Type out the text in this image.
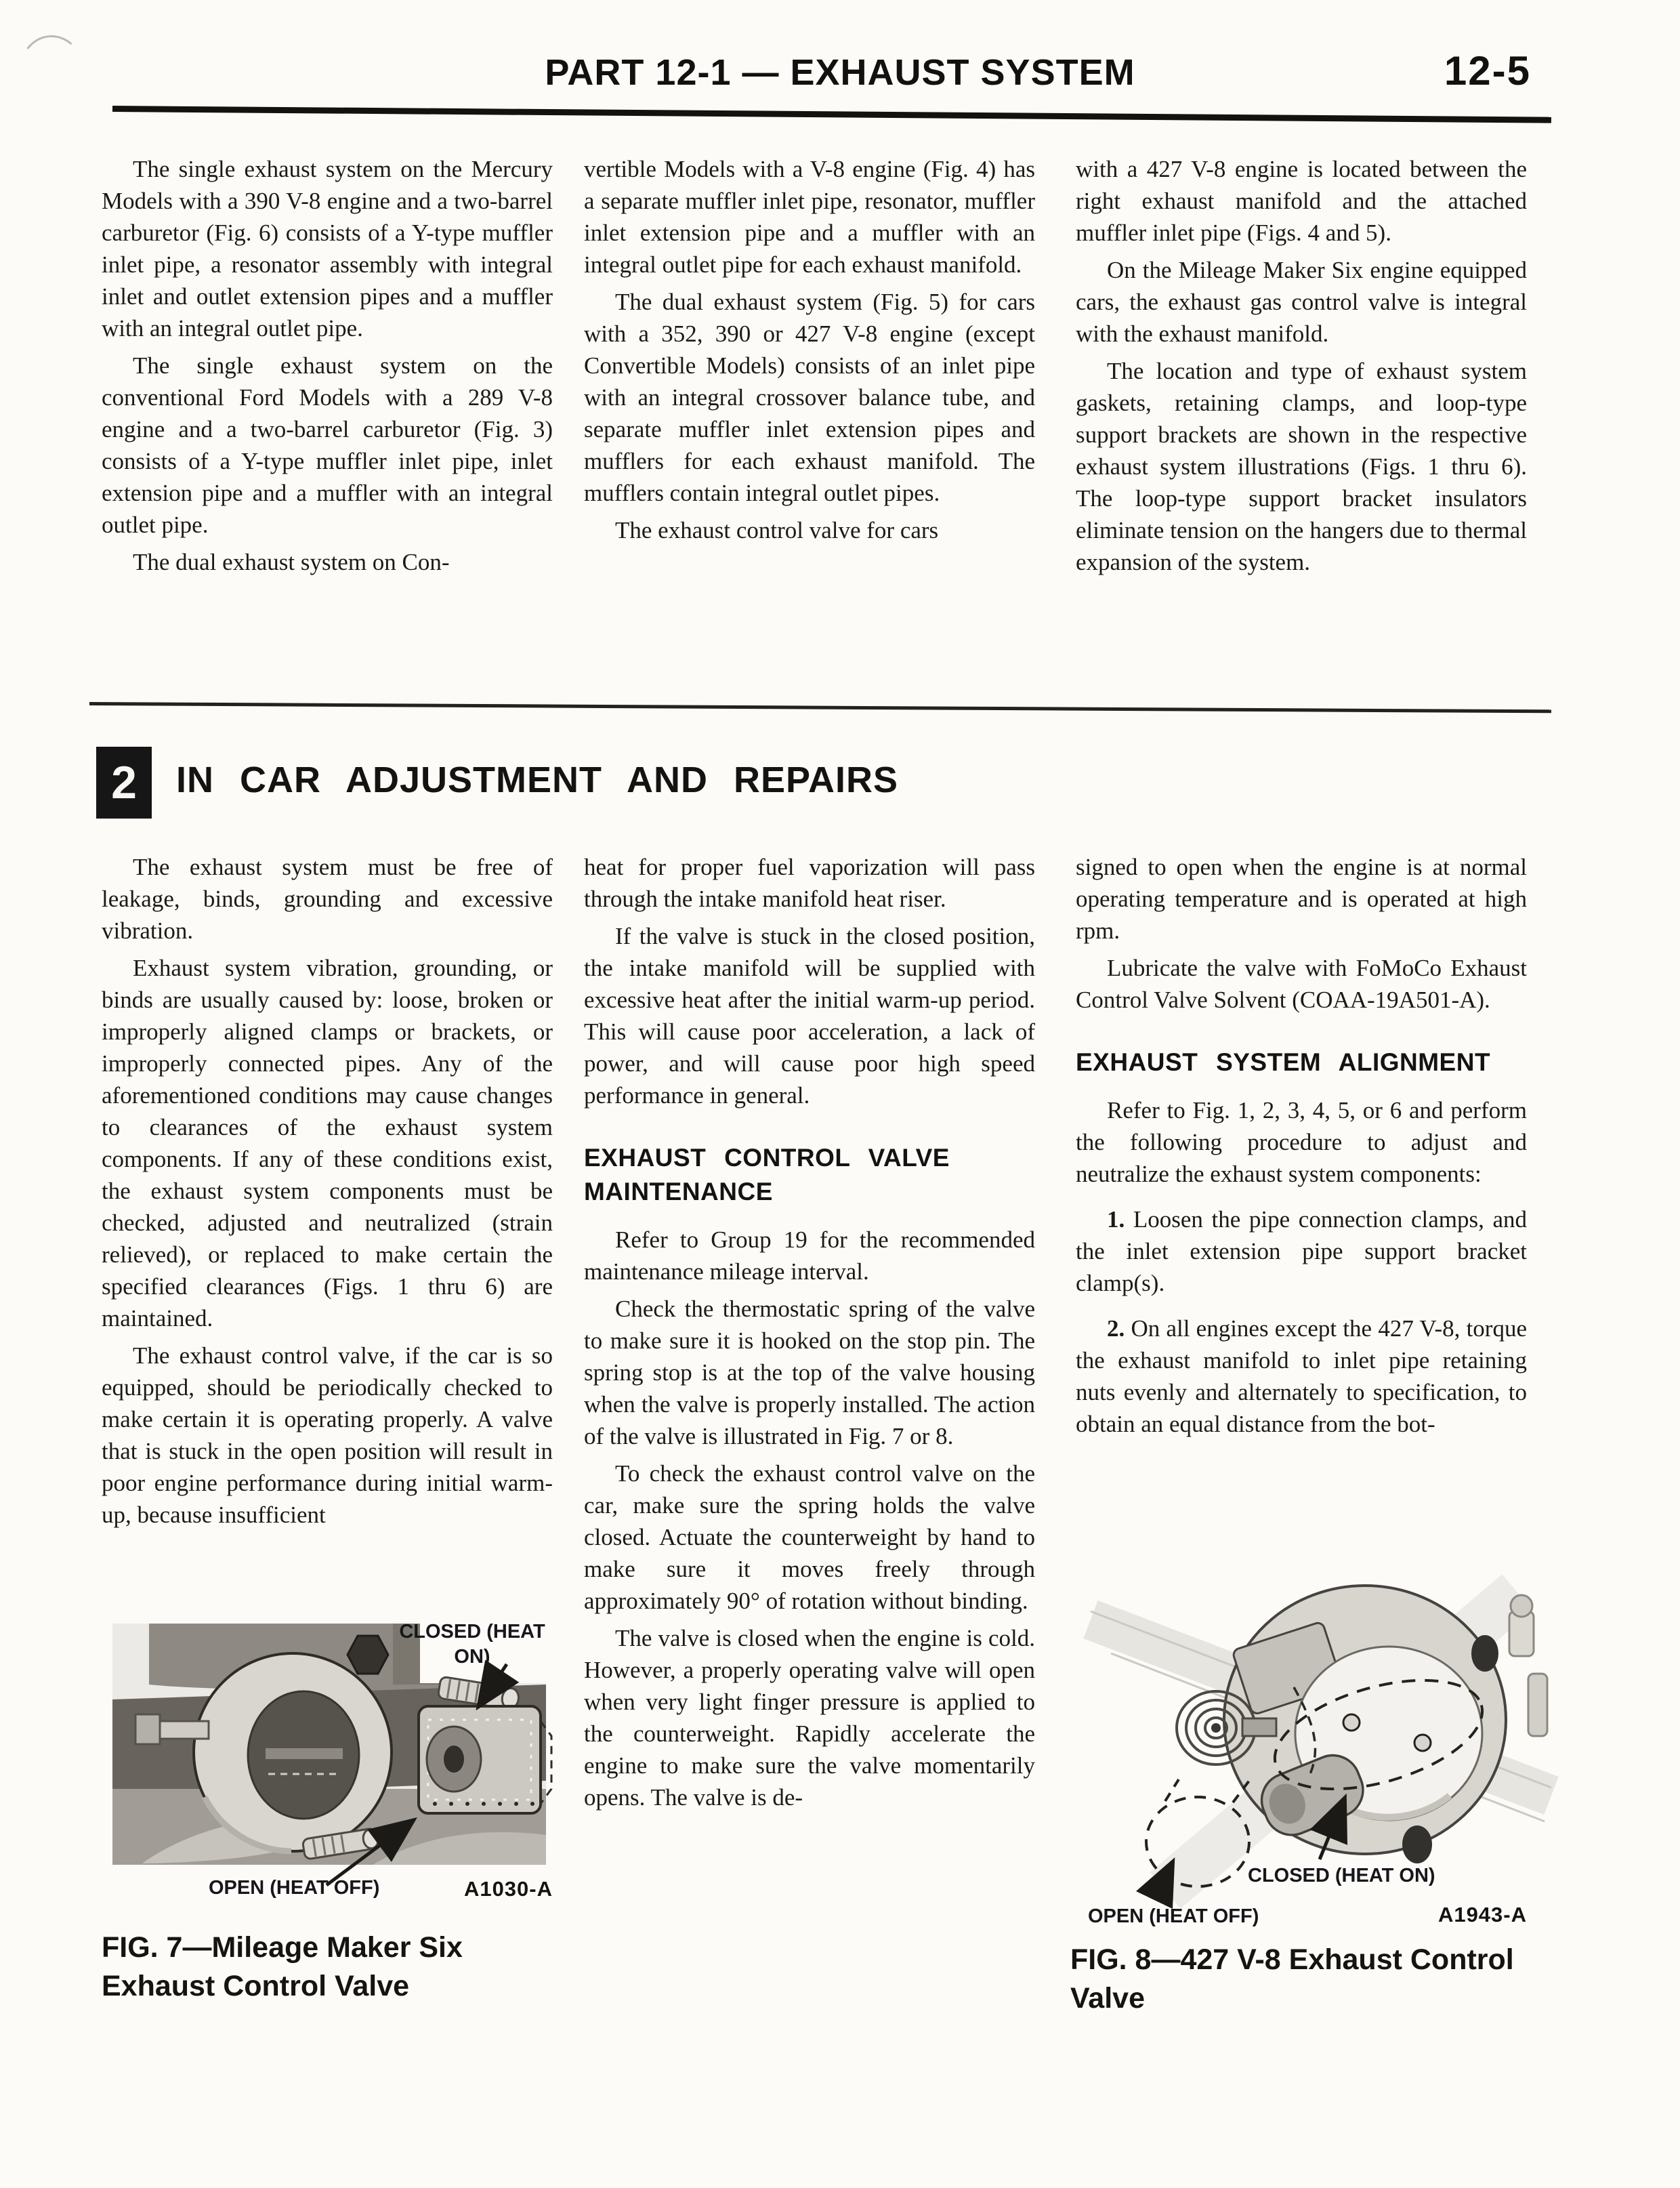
PART 12-1 — EXHAUST SYSTEM	12-5

The single exhaust system on the Mercury Models with a 390 V-8 engine and a two-barrel carburetor (Fig. 6) consists of a Y-type muffler inlet pipe, a resonator assembly with integral inlet and outlet extension pipes and a muffler with an integral outlet pipe.

The single exhaust system on the conventional Ford Models with a 289 V-8 engine and a two-barrel carburetor (Fig. 3) consists of a Y-type muffler inlet pipe, inlet extension pipe and a muffler with an integral outlet pipe.

The dual exhaust system on Con-

vertible Models with a V-8 engine (Fig. 4) has a separate muffler inlet pipe, resonator, muffler inlet extension pipe and a muffler with an integral outlet pipe for each exhaust manifold.

The dual exhaust system (Fig. 5) for cars with a 352, 390 or 427 V-8 engine (except Convertible Models) consists of an inlet pipe with an integral crossover balance tube, and separate muffler inlet extension pipes and mufflers for each exhaust manifold. The mufflers contain integral outlet pipes.

The exhaust control valve for cars

with a 427 V-8 engine is located between the right exhaust manifold and the attached muffler inlet pipe (Figs. 4 and 5).

On the Mileage Maker Six engine equipped cars, the exhaust gas control valve is integral with the exhaust manifold.

The location and type of exhaust system gaskets, retaining clamps, and loop-type support brackets are shown in the respective exhaust system illustrations (Figs. 1 thru 6). The loop-type support bracket insulators eliminate tension on the hangers due to thermal expansion of the system.

2	IN CAR ADJUSTMENT AND REPAIRS

The exhaust system must be free of leakage, binds, grounding and excessive vibration.

Exhaust system vibration, grounding, or binds are usually caused by: loose, broken or improperly aligned clamps or brackets, or improperly connected pipes. Any of the aforementioned conditions may cause changes to clearances of the exhaust system components. If any of these conditions exist, the exhaust system components must be checked, adjusted and neutralized (strain relieved), or replaced to make certain the specified clearances (Figs. 1 thru 6) are maintained.

The exhaust control valve, if the car is so equipped, should be periodically checked to make certain it is operating properly. A valve that is stuck in the open position will result in poor engine performance during initial warm-up, because insufficient

heat for proper fuel vaporization will pass through the intake manifold heat riser.

If the valve is stuck in the closed position, the intake manifold will be supplied with excessive heat after the initial warm-up period. This will cause poor acceleration, a lack of power, and will cause poor high speed performance in general.

EXHAUST CONTROL VALVE MAINTENANCE

Refer to Group 19 for the recommended maintenance mileage interval.

Check the thermostatic spring of the valve to make sure it is hooked on the stop pin. The spring stop is at the top of the valve housing when the valve is properly installed. The action of the valve is illustrated in Fig. 7 or 8.

To check the exhaust control valve on the car, make sure the spring holds the valve closed. Actuate the counterweight by hand to make sure it moves freely through approximately 90° of rotation without binding.

The valve is closed when the engine is cold. However, a properly operating valve will open when very light finger pressure is applied to the counterweight. Rapidly accelerate the engine to make sure the valve momentarily opens. The valve is de-

signed to open when the engine is at normal operating temperature and is operated at high rpm.

Lubricate the valve with FoMoCo Exhaust Control Valve Solvent (COAA-19A501-A).

EXHAUST SYSTEM ALIGNMENT

Refer to Fig. 1, 2, 3, 4, 5, or 6 and perform the following procedure to adjust and neutralize the exhaust system components:

1. Loosen the pipe connection clamps, and the inlet extension pipe support bracket clamp(s).

2. On all engines except the 427 V-8, torque the exhaust manifold to inlet pipe retaining nuts evenly and alternately to specification, to obtain an equal distance from the bot-

CLOSED (HEAT ON)
OPEN (HEAT OFF)	A1030-A
FIG. 7—Mileage Maker Six Exhaust Control Valve
CLOSED (HEAT ON)
OPEN (HEAT OFF)	A1943-A
FIG. 8—427 V-8 Exhaust Control Valve
